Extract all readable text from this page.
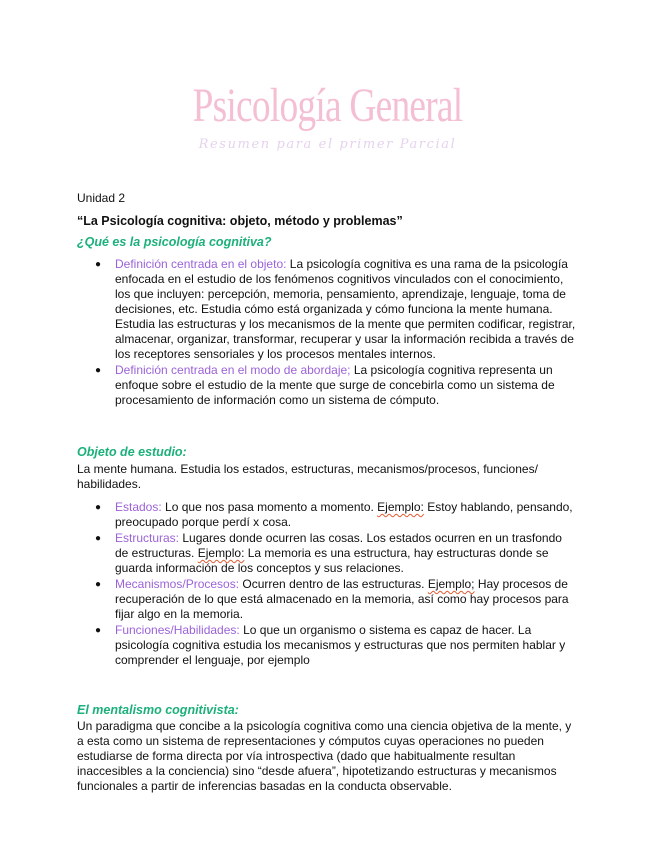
Psicología General
Resumen para el primer Parcial

Unidad 2

“La Psicología cognitiva: objeto, método y problemas”

¿Qué es la psicología cognitiva?

● Definición centrada en el objeto: La psicología cognitiva es una rama de la psicología enfocada en el estudio de los fenómenos cognitivos vinculados con el conocimiento, los que incluyen: percepción, memoria, pensamiento, aprendizaje, lenguaje, toma de decisiones, etc. Estudia cómo está organizada y cómo funciona la mente humana. Estudia las estructuras y los mecanismos de la mente que permiten codificar, registrar, almacenar, organizar, transformar, recuperar y usar la información recibida a través de los receptores sensoriales y los procesos mentales internos.
● Definición centrada en el modo de abordaje; La psicología cognitiva representa un enfoque sobre el estudio de la mente que surge de concebirla como un sistema de procesamiento de información como un sistema de cómputo.

Objeto de estudio:

La mente humana. Estudia los estados, estructuras, mecanismos/procesos, funciones/ habilidades.

● Estados: Lo que nos pasa momento a momento. Ejemplo: Estoy hablando, pensando, preocupado porque perdí x cosa.
● Estructuras: Lugares donde ocurren las cosas. Los estados ocurren en un trasfondo de estructuras. Ejemplo: La memoria es una estructura, hay estructuras donde se guarda información de los conceptos y sus relaciones.
● Mecanismos/Procesos: Ocurren dentro de las estructuras. Ejemplo; Hay procesos de recuperación de lo que está almacenado en la memoria, así como hay procesos para fijar algo en la memoria.
● Funciones/Habilidades: Lo que un organismo o sistema es capaz de hacer. La psicología cognitiva estudia los mecanismos y estructuras que nos permiten hablar y comprender el lenguaje, por ejemplo

El mentalismo cognitivista:

Un paradigma que concibe a la psicología cognitiva como una ciencia objetiva de la mente, y a esta como un sistema de representaciones y cómputos cuyas operaciones no pueden estudiarse de forma directa por vía introspectiva (dado que habitualmente resultan inaccesibles a la conciencia) sino “desde afuera”, hipotetizando estructuras y mecanismos funcionales a partir de inferencias basadas en la conducta observable.
